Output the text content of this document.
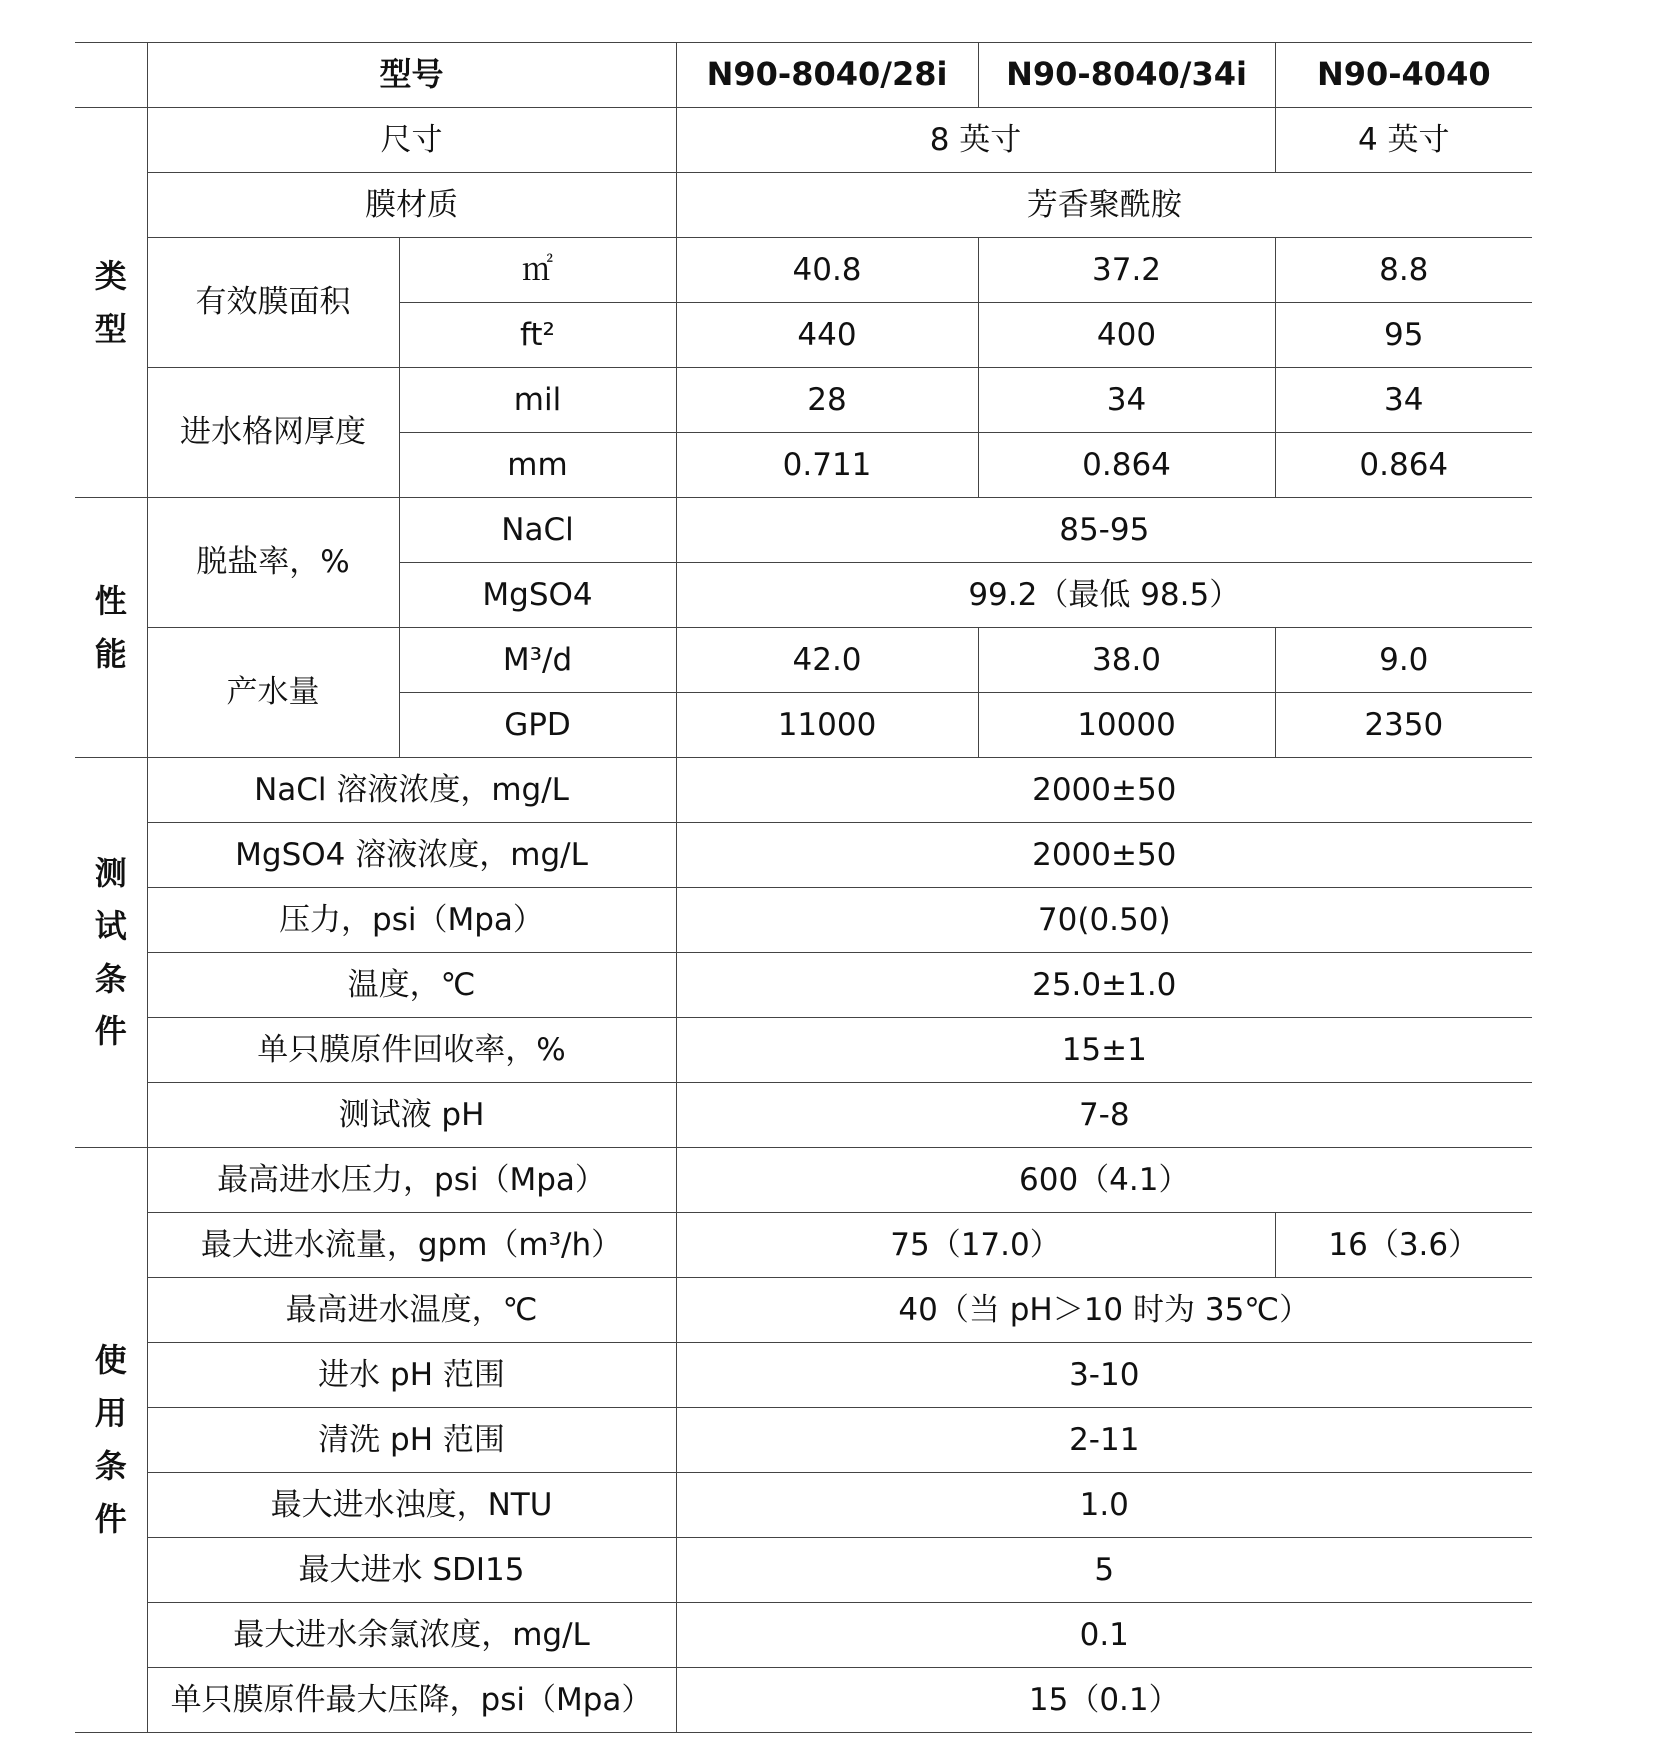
	型号		N90-8040/28i	N90-8040/34i	N90-4040

类
型	尺寸		8 英寸		4 英寸
	膜材质		芳香聚酰胺		
	有效膜面积	㎡	40.8	37.2	8.8
		ft²	440	400	95
	进水格网厚度	mil	28	34	34
		mm	0.711	0.864	0.864

性
能	脱盐率，%	NaCl	85-95		
		MgSO4	99.2（最低 98.5）		
	产水量	M³/d	42.0	38.0	9.0
		GPD	11000	10000	2350

测
试
条
件	NaCl 溶液浓度，mg/L		2000±50		
	MgSO4 溶液浓度，mg/L		2000±50		
	压力，psi（Mpa）		70(0.50)		
	温度，℃		25.0±1.0		
	单只膜原件回收率，%		15±1		
	测试液 pH		7-8		

使
用
条
件	最高进水压力，psi（Mpa）		600（4.1）		
	最大进水流量，gpm（m³/h）		75（17.0）		16（3.6）
	最高进水温度，℃		40（当 pH＞10 时为 35℃）		
	进水 pH 范围		3-10		
	清洗 pH 范围		2-11		
	最大进水浊度，NTU		1.0		
	最大进水 SDI15		5		
	最大进水余氯浓度，mg/L		0.1		
	单只膜原件最大压降，psi（Mpa）		15（0.1）		
